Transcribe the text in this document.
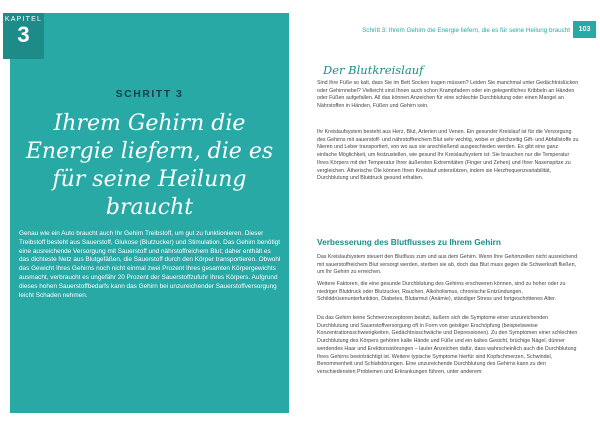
KAPITEL
3
SCHRITT 3
Ihrem Gehirn die Energie liefern, die es für seine Heilung braucht
Genau wie ein Auto braucht auch Ihr Gehirn Treibstoff, um gut zu funktionieren. Dieser Treibstoff besteht aus Sauerstoff, Glukose (Blutzucker) und Stimulation. Das Gehirn benötigt eine ausreichende Versorgung mit Sauerstoff und nährstoffreichem Blut; daher enthält es das dichteste Netz aus Blutgefäßen, die Sauerstoff durch den Körper transportieren. Obwohl das Gewicht Ihres Gehirns noch nicht einmal zwei Prozent Ihres gesamten Körpergewichts ausmacht, verbraucht es ungefähr 20 Prozent der Sauerstoffzufuhr Ihres Körpers. Aufgrund dieses hohen Sauerstoffbedarfs kann das Gehirn bei unzureichender Sauerstoffversorgung leicht Schaden nehmen.
Schritt 3: Ihrem Gehirn die Energie liefern, die es für seine Heilung braucht	103
Der Blutkreislauf

Sind Ihre Füße so kalt, dass Sie im Bett Socken tragen müssen? Leiden Sie manchmal unter Gedächtnislücken oder Gehirnnebel? Vielleicht sind Ihnen auch schon Krampfadern oder ein gelegentliches Kribbeln an Händen oder Füßen aufgefallen. All das können Anzeichen für eine schlechte Durchblutung oder einen Mangel an Nährstoffen in Händen, Füßen und Gehirn sein.

Ihr Kreislaufsystem besteht aus Herz, Blut, Arterien und Venen. Ein gesunder Kreislauf ist für die Versorgung des Gehirns mit sauerstoff- und nährstoffreichem Blut sehr wichtig, wobei er gleichzeitig Gift- und Abfallstoffe zu Nieren und Leber transportiert, von wo aus sie anschließend ausgeschieden werden. Es gibt eine ganz einfache Möglichkeit, um festzustellen, wie gesund Ihr Kreislaufsystem ist: Sie brauchen nur die Temperatur Ihres Körpers mit der Temperatur Ihrer äußersten Extremitäten (Finger und Zehen) und Ihrer Nasenspitze zu vergleichen. Ätherische Öle können Ihren Kreislauf unterstützen, indem sie Herzfrequenzvariabilität, Durchblutung und Blutdruck gesund erhalten.

Verbesserung des Blutflusses zu Ihrem Gehirn

Das Kreislaufsystem steuert den Blutfluss zum und aus dem Gehirn. Wenn Ihre Gehirnzellen nicht ausreichend mit sauerstoffreichem Blut versorgt werden, sterben sie ab, doch das Blut muss gegen die Schwerkraft fließen, um Ihr Gehirn zu erreichen.

Weitere Faktoren, die eine gesunde Durchblutung des Gehirns erschweren können, sind zu hoher oder zu niedriger Blutdruck oder Blutzucker, Rauchen, Alkoholismus, chronische Entzündungen, Schilddrüsenunterfunktion, Diabetes, Blutarmut (Anämie), ständiger Stress und fortgeschrittenes Alter.

Da das Gehirn keine Schmerzrezeptoren besitzt, äußern sich die Symptome einer unzureichenden Durchblutung und Sauerstoffversorgung oft in Form von geistiger Erschöpfung (beispielsweise Konzentrationsschwierigkeiten, Gedächtnisschwäche und Depressionen). Zu den Symptomen einer schlechten Durchblutung des Körpers gehören kalte Hände und Füße und ein kaltes Gesicht, brüchige Nägel, dünner werdendes Haar und Erektionsstörungen – lauter Anzeichen dafür, dass wahrscheinlich auch die Durchblutung Ihres Gehirns beeinträchtigt ist. Weitere typische Symptome hierfür sind Kopfschmerzen, Schwindel, Benommenheit und Schlafstörungen. Eine unzureichende Durchblutung des Gehirns kann zu den verschiedensten Problemen und Erkrankungen führen, unter anderem:
